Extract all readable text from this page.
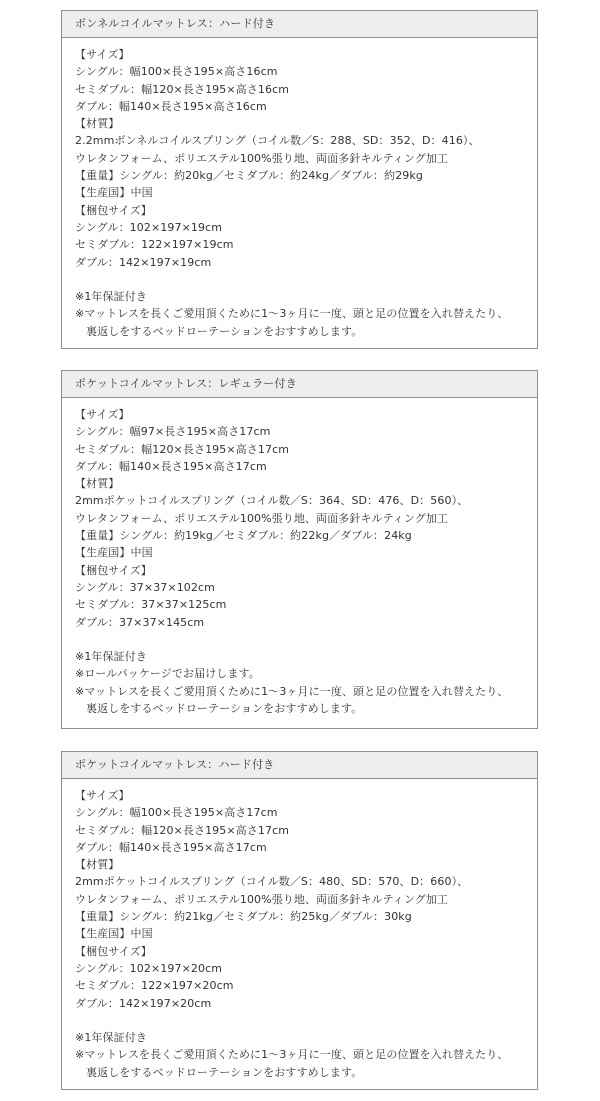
ボンネルコイルマットレス：ハード付き
【サイズ】
シングル：幅100×長さ195×高さ16cm
セミダブル：幅120×長さ195×高さ16cm
ダブル：幅140×長さ195×高さ16cm
【材質】
2.2mmボンネルコイルスプリング（コイル数／S：288、SD：352、D：416）、
ウレタンフォーム、ポリエステル100%張り地、両面多針キルティング加工
【重量】シングル：約20kg／セミダブル：約24kg／ダブル：約29kg
【生産国】中国
【梱包サイズ】
シングル：102×197×19cm
セミダブル：122×197×19cm
ダブル：142×197×19cm
※1年保証付き
※マットレスを長くご愛用頂くために1～3ヶ月に一度、頭と足の位置を入れ替えたり、
裏返しをするベッドローテーションをおすすめします。
ポケットコイルマットレス：レギュラー付き
【サイズ】
シングル：幅97×長さ195×高さ17cm
セミダブル：幅120×長さ195×高さ17cm
ダブル：幅140×長さ195×高さ17cm
【材質】
2mmポケットコイルスプリング（コイル数／S：364、SD：476、D：560）、
ウレタンフォーム、ポリエステル100%張り地、両面多針キルティング加工
【重量】シングル：約19kg／セミダブル：約22kg／ダブル：24kg
【生産国】中国
【梱包サイズ】
シングル：37×37×102cm
セミダブル：37×37×125cm
ダブル：37×37×145cm
※1年保証付き
※ロールパッケージでお届けします。
※マットレスを長くご愛用頂くために1～3ヶ月に一度、頭と足の位置を入れ替えたり、
裏返しをするベッドローテーションをおすすめします。
ポケットコイルマットレス：ハード付き
【サイズ】
シングル：幅100×長さ195×高さ17cm
セミダブル：幅120×長さ195×高さ17cm
ダブル：幅140×長さ195×高さ17cm
【材質】
2mmポケットコイルスプリング（コイル数／S：480、SD：570、D：660）、
ウレタンフォーム、ポリエステル100%張り地、両面多針キルティング加工
【重量】シングル：約21kg／セミダブル：約25kg／ダブル：30kg
【生産国】中国
【梱包サイズ】
シングル：102×197×20cm
セミダブル：122×197×20cm
ダブル：142×197×20cm
※1年保証付き
※マットレスを長くご愛用頂くために1～3ヶ月に一度、頭と足の位置を入れ替えたり、
裏返しをするベッドローテーションをおすすめします。
